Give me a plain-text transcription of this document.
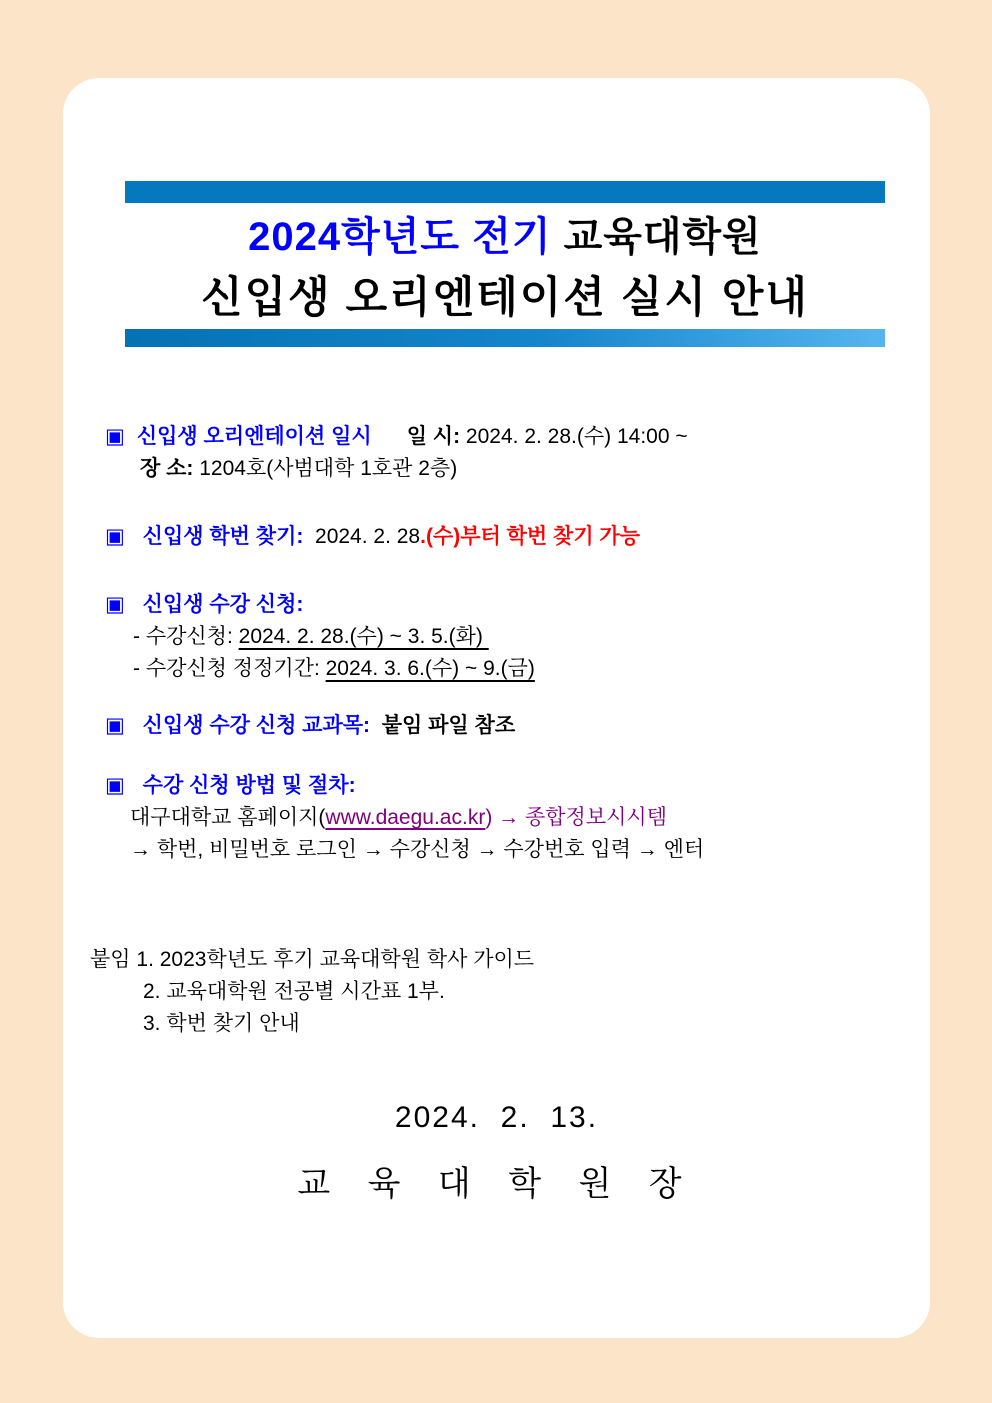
2024학년도 전기 교육대학원
신입생 오리엔테이션 실시 안내
▣ 신입생 오리엔테이션 일시 일 시: 2024. 2. 28.(수) 14:00 ~
장 소: 1204호(사범대학 1호관 2층)
▣ 신입생 학번 찾기:  2024. 2. 28.(수)부터 학번 찾기 가능
▣ 신입생 수강 신청:
- 수강신청: 2024. 2. 28.(수) ~ 3. 5.(화)
- 수강신청 정정기간: 2024. 3. 6.(수) ~ 9.(금)
▣ 신입생 수강 신청 교과목:  붙임 파일 참조
▣ 수강 신청 방법 및 절차:
대구대학교 홈페이지(www.daegu.ac.kr) → 종합정보시시템
→ 학번, 비밀번호 로그인 → 수강신청 → 수강번호 입력 → 엔터
붙임 1. 2023학년도 후기 교육대학원 학사 가이드
2. 교육대학원 전공별 시간표 1부.
3. 학번 찾기 안내
2024.  2.  13.
교 육 대 학 원 장
